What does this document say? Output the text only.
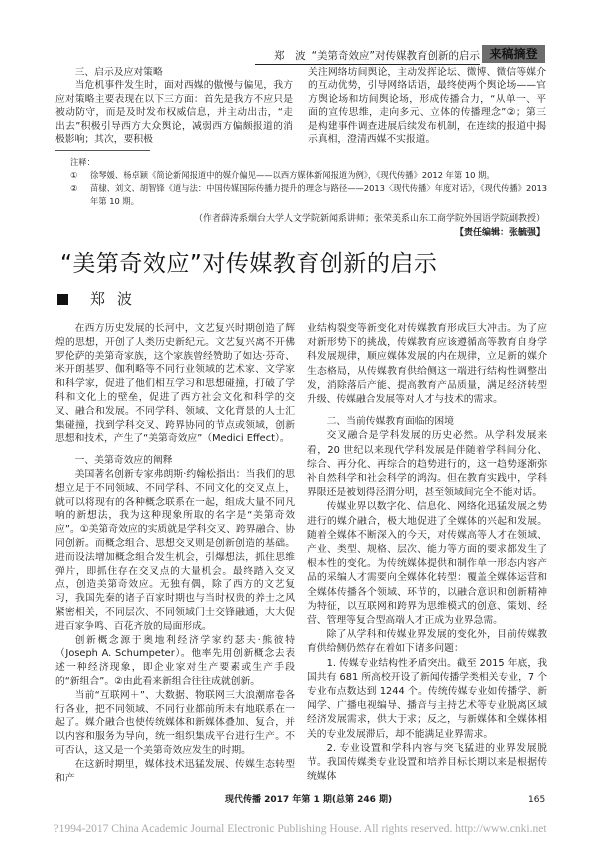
郑　波 “美第奇效应”对传媒教育创新的启示 来稿摘登
三、启示及应对策略

当危机事件发生时，面对西媒的傲慢与偏见，我方应对策略主要表现在以下三方面：首先是我方不应只是被动防守，而是及时发布权威信息，并主动出击，“走出去”积极引导西方大众舆论，减弱西方偏颇报道的消极影响；其次，要积极

关注网络坊间舆论，主动发挥论坛、微博、微信等媒介的互动优势，引导网络话语，最终使两个舆论场——官方舆论场和坊间舆论场，形成传播合力，“从单一、平面的宣传思维，走向多元、立体的传播理念”②；第三是构建事件调查进展后续发布机制，在连续的报道中揭示真相，澄清西媒不实报道。

注释：
①	徐琴媛、杨卓颖《简论新闻报道中的媒介偏见——以西方媒体新闻报道为例》，《现代传播》2012 年第 10 期。
②	苗棣、刘文、胡智锋《道与法：中国传媒国际传播力提升的理念与路径——2013〈现代传播〉年度对话》，《现代传播》2013 年第 10 期。
（作者薛涛系烟台大学人文学院新闻系讲师；张荣美系山东工商学院外国语学院副教授）
【责任编辑：张毓强】
“美第奇效应”对传媒教育创新的启示
郑波

在西方历史发展的长河中，文艺复兴时期创造了辉煌的思想，开创了人类历史新纪元。文艺复兴离不开佛罗伦萨的美第奇家族，这个家族曾经赞助了如达·芬奇、米开朗基罗、伽利略等不同行业领域的艺术家、文学家和科学家，促进了他们相互学习和思想碰撞，打破了学科和文化上的壁垒，促进了西方社会文化和科学的交叉、融合和发展。不同学科、领域、文化背景的人士汇集碰撞，找到学科交叉、跨界协同的节点或领域，创新思想和技术，产生了“美第奇效应”（Medici Effect）。

一、美第奇效应的阐释

美国著名创新专家弗朗斯·约翰松指出：当我们的思想立足于不同领域、不同学科、不同文化的交叉点上，就可以将现有的各种概念联系在一起，组成大量不同凡响的新想法，我为这种现象所取的名字是“美第奇效应”。①美第奇效应的实质就是学科交叉、跨界融合、协同创新。而概念组合、思想交叉则是创新创造的基础。进而设法增加概念组合发生机会，引爆想法，抓住思维弹片，即抓住存在交叉点的大量机会。最终踏入交叉点，创造美第奇效应。无独有偶，除了西方的文艺复习，我国先秦的诸子百家时期也与当时权贵的养士之风紧密相关，不同层次、不同领域门士交锋融通，大大促进百家争鸣、百花齐放的局面形成。

创新概念源于奥地利经济学家约瑟夫·熊彼特（Joseph A. Schumpeter）。他率先用创新概念去表述一种经济现象，即企业家对生产要素或生产手段的“新组合”。②由此看来新组合往往成就创新。

当前“互联网＋”、大数据、物联网三大浪潮席卷各行各业，把不同领域、不同行业都前所未有地联系在一起了。媒介融合也使传统媒体和新媒体叠加、复合，并以内容和服务为导向，统一组织集成平台进行生产。不可否认，这又是一个美第奇效应发生的时期。

在这新时期里，媒体技术迅猛发展、传媒生态转型和产

业结构裂变等新变化对传媒教育形成巨大冲击。为了应对新形势下的挑战，传媒教育应该遵循高等教育自身学科发展规律，顺应媒体发展的内在规律，立足新的媒介生态格局，从传媒教育供给侧这一端进行结构性调整出发，消除落后产能、提高教育产品质量，满足经济转型升级、传媒融合发展等对人才与技术的需求。

二、当前传媒教育面临的困境

交叉融合是学科发展的历史必然。从学科发展来看，20 世纪以来现代学科发展是伴随着学科间分化、综合、再分化、再综合的趋势进行的，这一趋势逐渐弥补自然科学和社会科学的鸿沟。但在教育实践中，学科界限还是被划得泾渭分明，甚至领域间完全不能对话。

传媒业界以数字化、信息化、网络化迅猛发展之势进行的媒介融合，极大地促进了全媒体的兴起和发展。随着全媒体不断深入的今天，对传媒高等人才在领域、产业、类型、规格、层次、能力等方面的要求都发生了根本性的变化。为传统媒体提供和制作单一形态内容产品的采编人才需要向全媒体化转型：覆盖全媒体运营和全媒体传播各个领域、环节的，以融合意识和创新精神为特征，以互联网和跨界为思维模式的创意、策划、经营、管理等复合型高端人才正成为业界急需。

除了从学科和传媒业界发展的变化外，目前传媒教育供给侧仍然存在着如下诸多问题：

1. 传媒专业结构性矛盾突出。截至 2015 年底，我国共有 681 所高校开设了新闻传播学类相关专业，7 个专业布点数达到 1244 个。传统传媒专业如传播学、新闻学、广播电视编导、播音与主持艺术等专业脱离区域经济发展需求，供大于求；反之，与新媒体和全媒体相关的专业发展滞后，却不能满足业界需求。

2. 专业设置和学科内容与突飞猛进的业界发展脱节。我国传媒类专业设置和培养目标长期以来是根据传统媒体

现代传播 2017 年第 1 期(总第 246 期)	165
?1994-2017 China Academic Journal Electronic Publishing House. All rights reserved. http://www.cnki.net
